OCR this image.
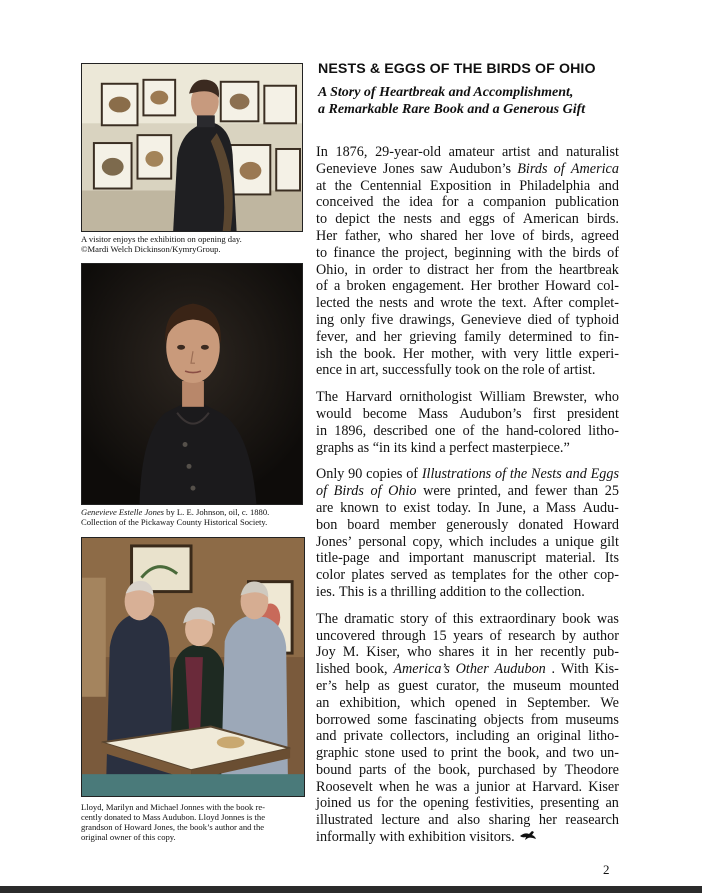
A visitor enjoys the exhibition on opening day.
©Mardi Welch Dickinson/KymryGroup.
Genevieve Estelle Jones by L. E. Johnson, oil, c. 1880.
Collection of the Pickaway County Historical Society.
Lloyd, Marilyn and Michael Jonnes with the book re-
cently donated to Mass Audubon. Lloyd Jonnes is the
grandson of Howard Jones, the book’s author and the
original owner of this copy.
NESTS & EGGS OF THE BIRDS OF OHIO
A Story of Heartbreak and Accomplishment,
a Remarkable Rare Book and a Generous Gift
In 1876, 29-year-old amateur artist and naturalist
Genevieve Jones saw Audubon’s Birds of America
at the Centennial Exposition in Philadelphia and
conceived the idea for a companion publication
to depict the nests and eggs of American birds.
Her father, who shared her love of birds, agreed
to finance the project, beginning with the birds of
Ohio, in order to distract her from the heartbreak
of a broken engagement. Her brother Howard col-
lected the nests and wrote the text. After complet-
ing only five drawings, Genevieve died of typhoid
fever, and her grieving family determined to fin-
ish the book. Her mother, with very little experi-
ence in art, successfully took on the role of artist.
The Harvard ornithologist William Brewster, who
would become Mass Audubon’s first president
in 1896, described one of the hand-colored litho-
graphs as “in its kind a perfect masterpiece.”
Only 90 copies of Illustrations of the Nests and Eggs
of Birds of Ohio were printed, and fewer than 25
are known to exist today. In June, a Mass Audu-
bon board member generously donated Howard
Jones’ personal copy, which includes a unique gilt
title-page and important manuscript material. Its
color plates served as templates for the other cop-
ies. This is a thrilling addition to the collection.
The dramatic story of this extraordinary book was
uncovered through 15 years of research by author
Joy M. Kiser, who shares it in her recently pub-
lished book, America’s Other Audubon . With Kis-
er’s help as guest curator, the museum mounted
an exhibition, which opened in September. We
borrowed some fascinating objects from museums
and private collectors, including an original litho-
graphic stone used to print the book, and two un-
bound parts of the book, purchased by Theodore
Roosevelt when he was a junior at Harvard. Kiser
joined us for the opening festivities, presenting an
illustrated lecture and also sharing her reasearch
informally with exhibition visitors.
2
